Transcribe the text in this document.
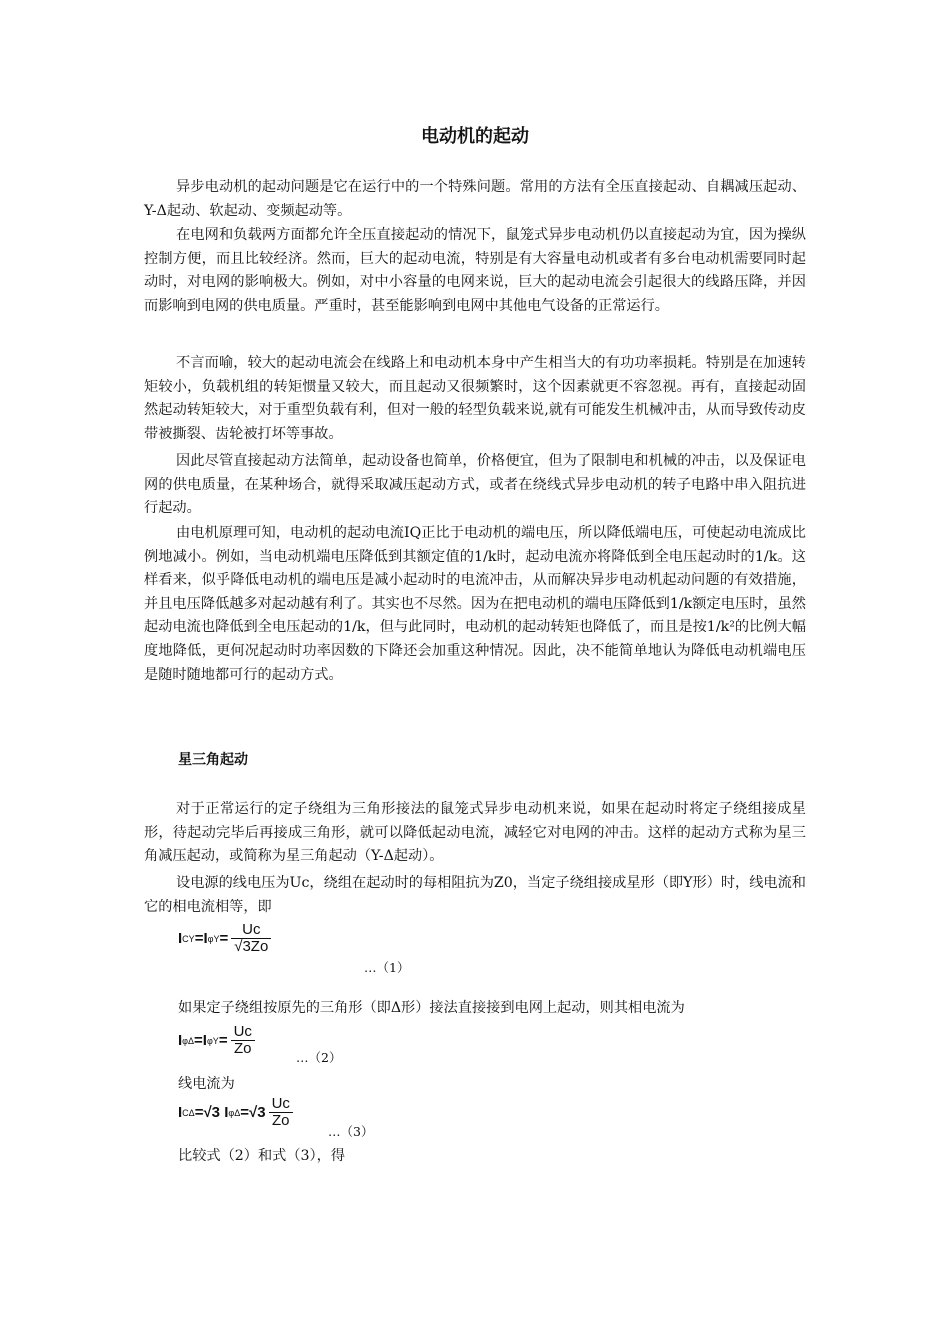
电动机的起动

异步电动机的起动问题是它在运行中的一个特殊问题。常用的方法有全压直接起动、自耦减压起动、Y-Δ起动、软起动、变频起动等。

在电网和负载两方面都允许全压直接起动的情况下，鼠笼式异步电动机仍以直接起动为宜，因为操纵控制方便，而且比较经济。然而，巨大的起动电流，特别是有大容量电动机或者有多台电动机需要同时起动时，对电网的影响极大。例如，对中小容量的电网来说，巨大的起动电流会引起很大的线路压降，并因而影响到电网的供电质量。严重时，甚至能影响到电网中其他电气设备的正常运行。

不言而喻，较大的起动电流会在线路上和电动机本身中产生相当大的有功功率损耗。特别是在加速转矩较小，负载机组的转矩惯量又较大，而且起动又很频繁时，这个因素就更不容忽视。再有，直接起动固然起动转矩较大，对于重型负载有利，但对一般的轻型负载来说,就有可能发生机械冲击，从而导致传动皮带被撕裂、齿轮被打坏等事故。

因此尽管直接起动方法简单，起动设备也简单，价格便宜，但为了限制电和机械的冲击，以及保证电网的供电质量，在某种场合，就得采取减压起动方式，或者在绕线式异步电动机的转子电路中串入阻抗进行起动。

由电机原理可知，电动机的起动电流IQ正比于电动机的端电压，所以降低端电压，可使起动电流成比例地减小。例如，当电动机端电压降低到其额定值的1/k时，起动电流亦将降低到全电压起动时的1/k。这样看来，似乎降低电动机的端电压是减小起动时的电流冲击，从而解决异步电动机起动问题的有效措施，并且电压降低越多对起动越有利了。其实也不尽然。因为在把电动机的端电压降低到1/k额定电压时，虽然起动电流也降低到全电压起动的1/k，但与此同时，电动机的起动转矩也降低了，而且是按1/k²的比例大幅度地降低，更何况起动时功率因数的下降还会加重这种情况。因此，决不能简单地认为降低电动机端电压是随时随地都可行的起动方式。

星三角起动

对于正常运行的定子绕组为三角形接法的鼠笼式异步电动机来说，如果在起动时将定子绕组接成星形，待起动完毕后再接成三角形，就可以降低起动电流，减轻它对电网的冲击。这样的起动方式称为星三角减压起动，或简称为星三角起动（Y-Δ起动）。

设电源的线电压为Uc，绕组在起动时的每相阻抗为Z0，当定子绕组接成星形（即Y形）时，线电流和它的相电流相等，即

I CY =I $\varphi Y = \frac{Uc}{√3Zo}$
…（1）
如果定子绕组按原先的三角形（即Δ形）接法直接接到电网上起动，则其相电流为
I φΔ =I $\varphi Y = \frac{Uc}{Zo}$
…（2）
线电流为
I CΔ =√3 I $\varphi\Delta =√3 \frac{Uc}{Zo}$
…（3）
比较式（2）和式（3），得
